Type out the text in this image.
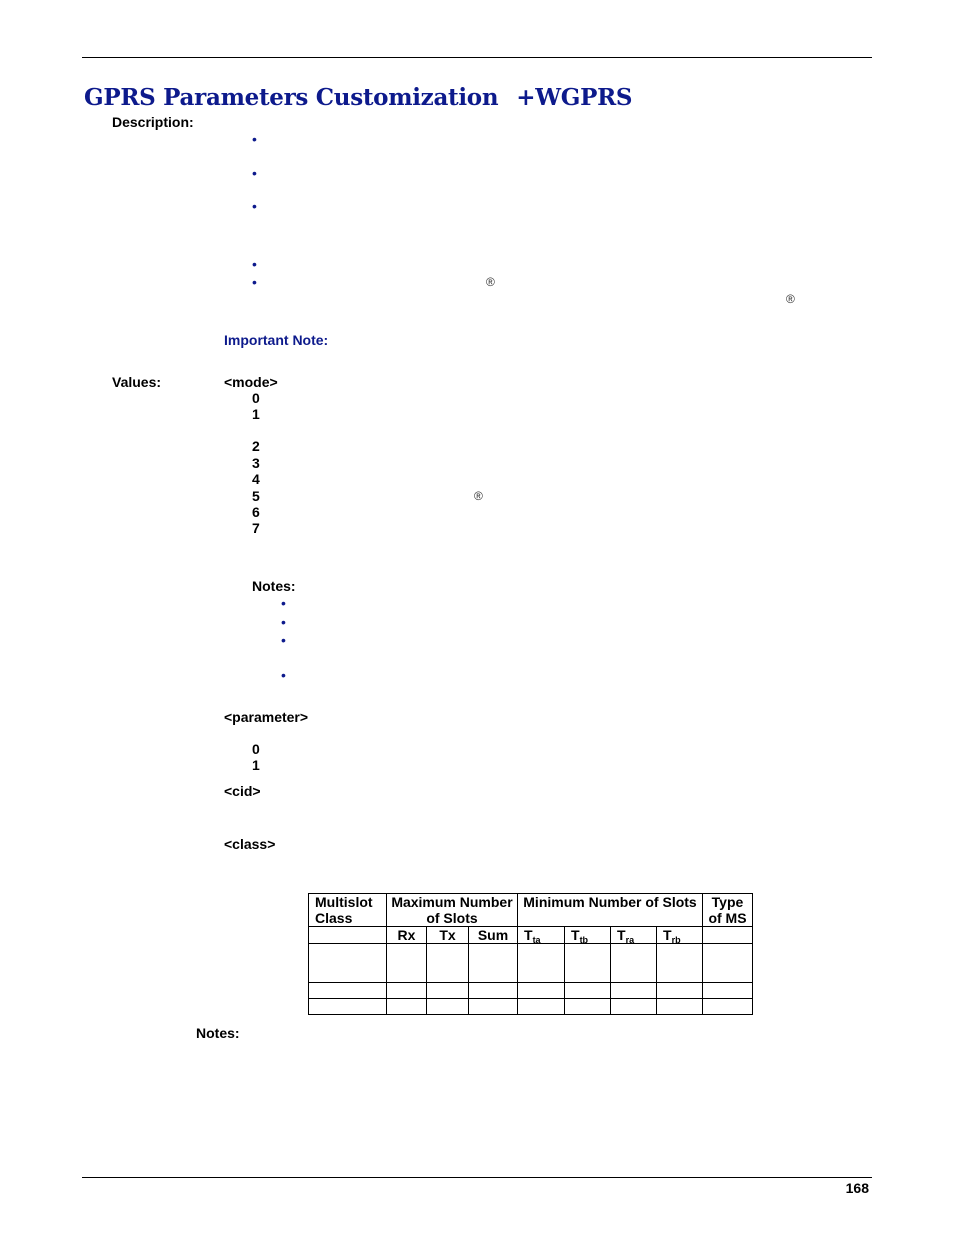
GPRS Parameters Customization +WGPRS
Description:
•
•
•
•
•	®
®
Important Note:
Values:	<mode>
0
1
2
3
4
5	®
6
7
Notes:
•
•
•
•
<parameter>
0
1
<cid>
<class>
Multislot Class	Maximum Number of Slots			Minimum Number of Slots				Type of MS
	Rx	Tx	Sum	$T_{ta}$	$T_{tb}$	$T_{ra}$	$T_{rb}$	

Notes:
168
